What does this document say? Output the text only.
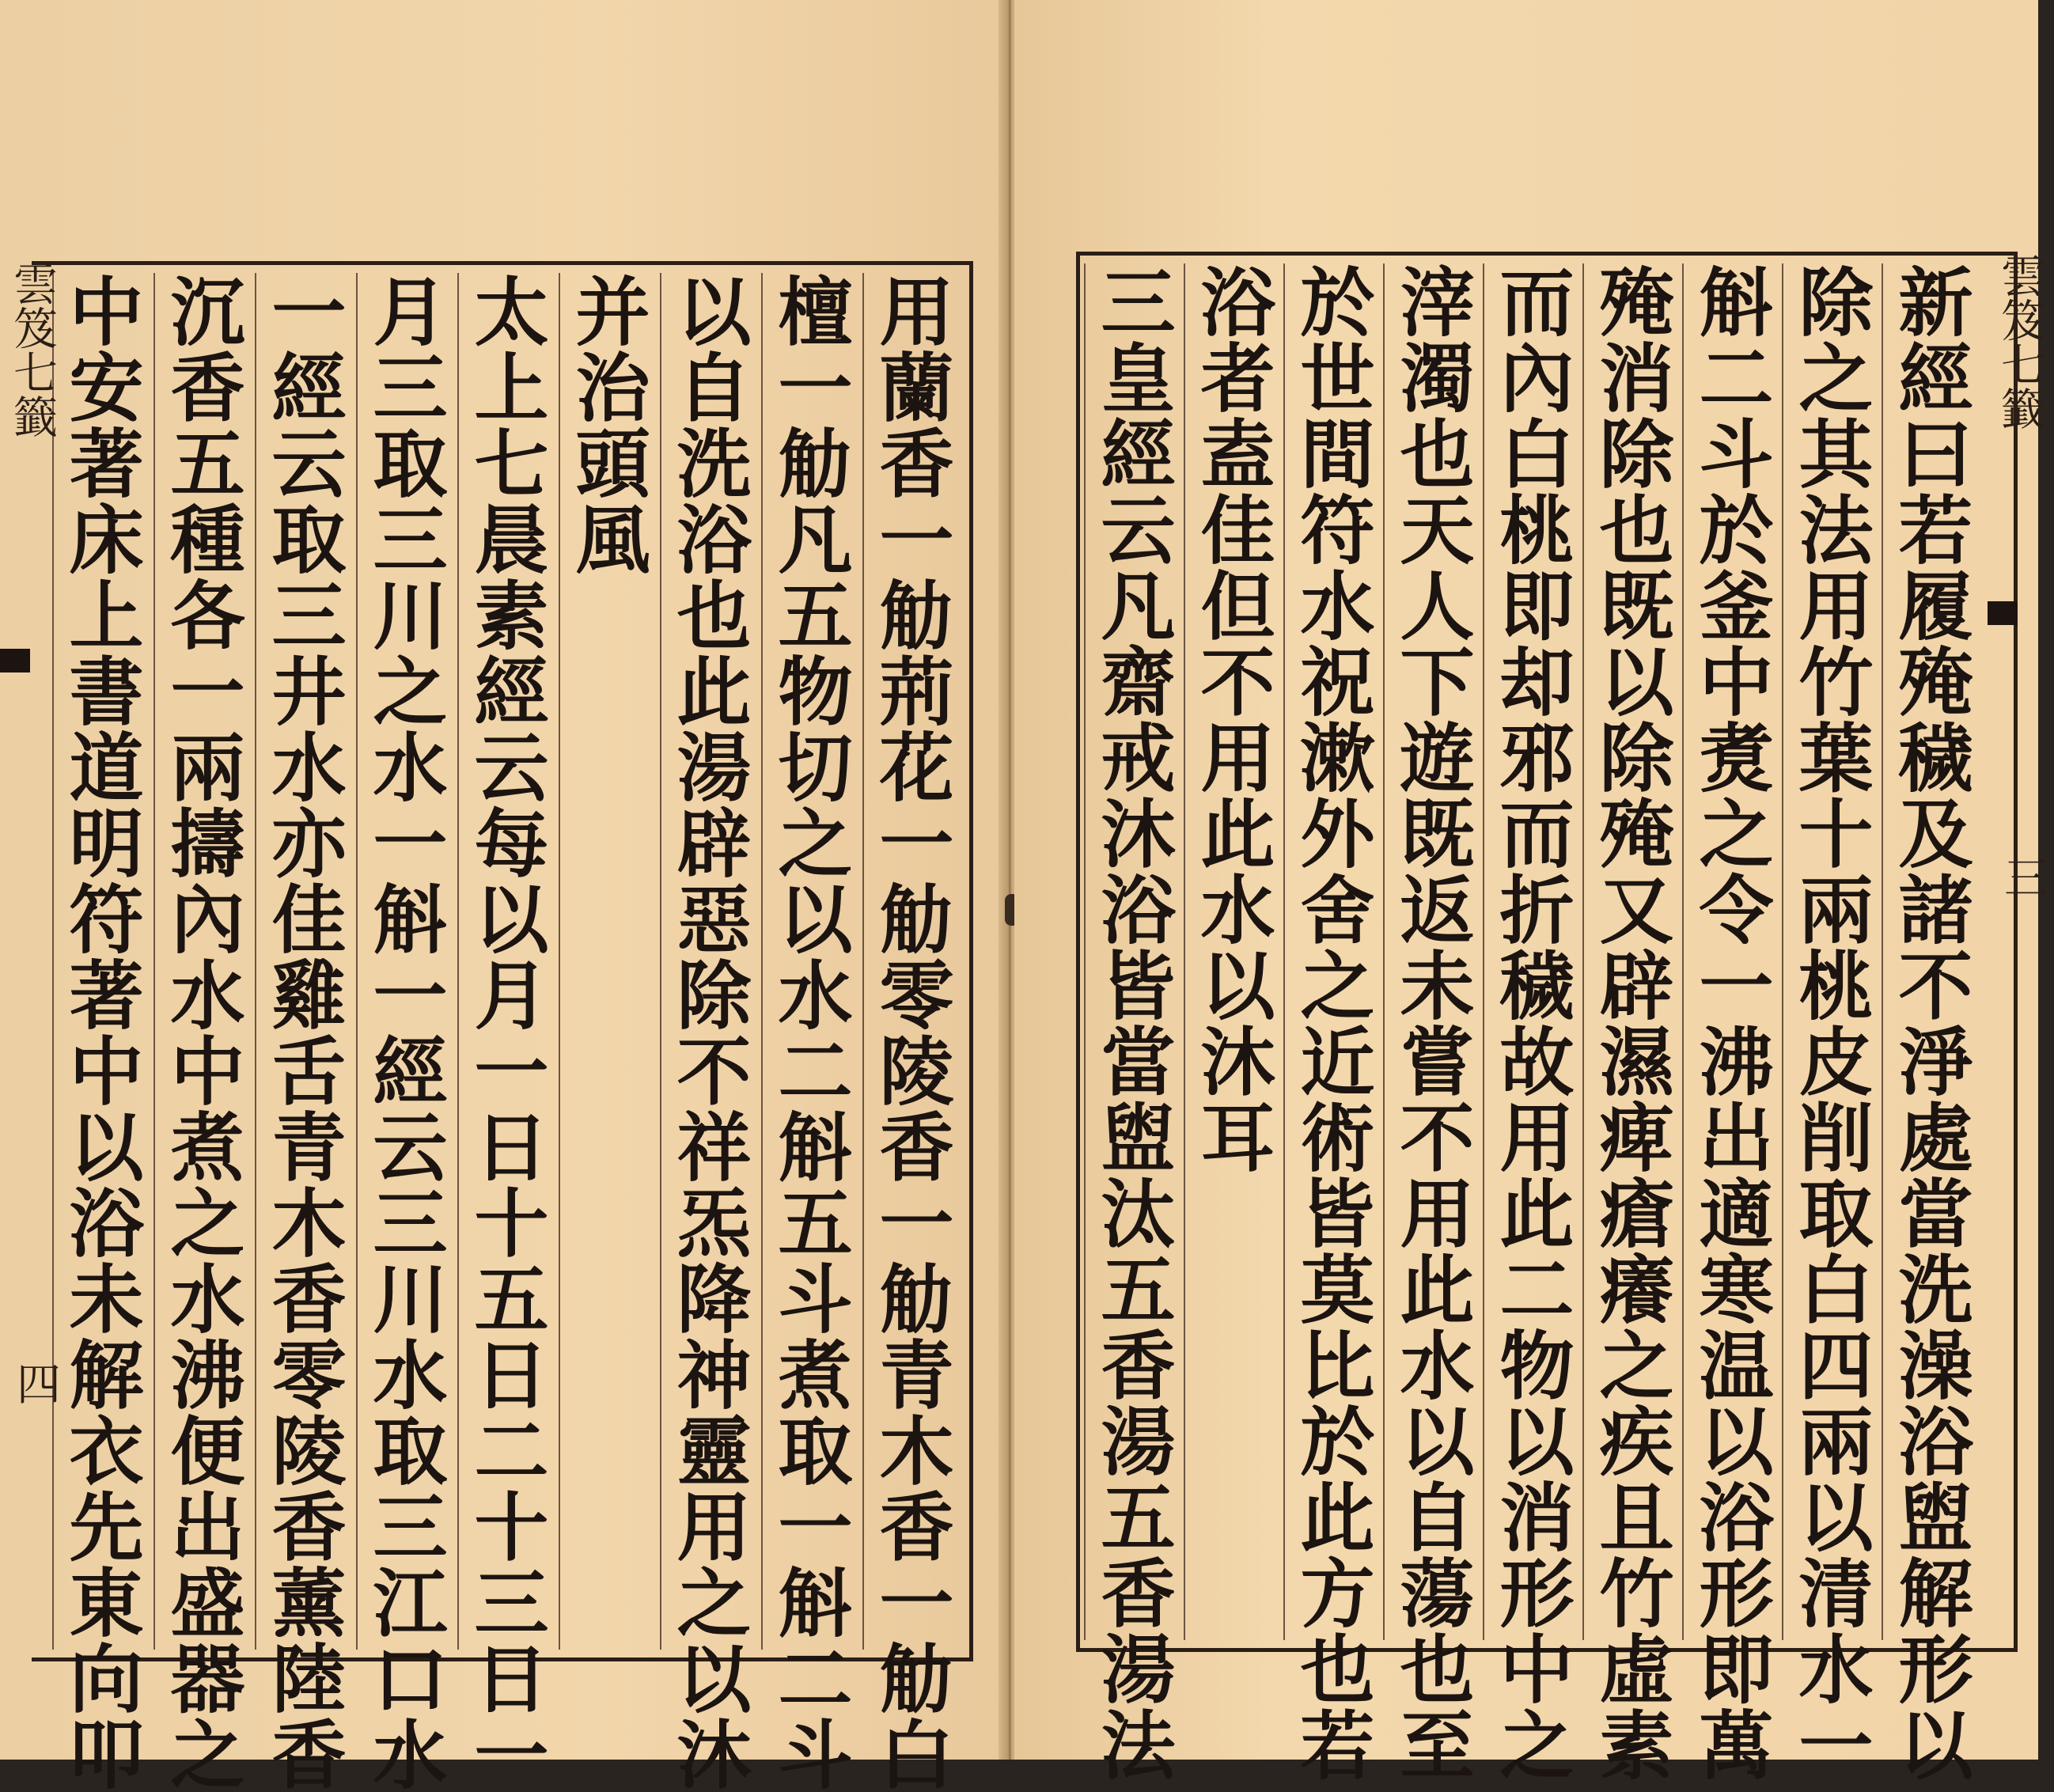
用蘭香一觔荊花一觔零陵香一觔青木香一觔白
檀一觔凡五物切之以水二斛五斗煮取一斛二斗
以自洗浴也此湯辟惡除不祥炁降神靈用之以沐
并治頭風
太上七晨素經云每以月一日十五日二十三日一
月三取三川之水一斛一經云三川水取三江口水
一經云取三井水亦佳雞舌青木香零陵香薰陸香
沉香五種各一兩擣內水中煮之水沸便出盛器之
中安著床上書道明符著中以浴未解衣先東向叩
雲笈七籤
四	新經曰若履殗穢及諸不淨處當洗澡浴盥解形以
除之其法用竹葉十兩桃皮削取白四兩以清水一
斛二斗於釜中煑之令一沸出適寒温以浴形即萬
殗消除也既以除殗又辟濕痺瘡癢之疾且竹虛素
而內白桃即却邪而折穢故用此二物以消形中之
滓濁也天人下遊既返未嘗不用此水以自蕩也至
於世間符水祝漱外舍之近術皆莫比於此方也若
浴者盍佳但不用此水以沐耳
三皇經云凡齋戒沐浴皆當盥汰五香湯五香湯法	雲笈七籤
三
